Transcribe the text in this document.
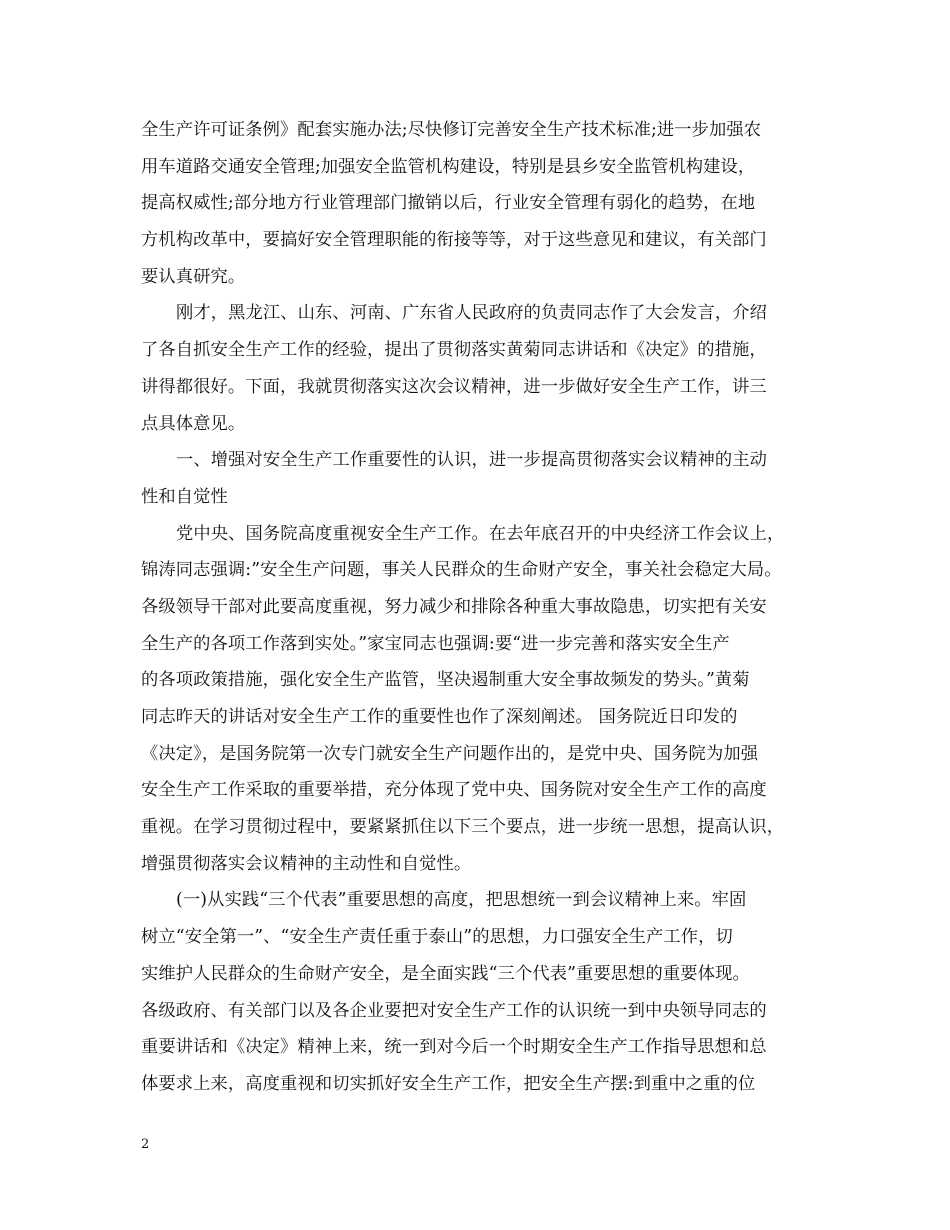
全生产许可证条例》配套实施办法;尽快修订完善安全生产技术标准;进一步加强农
用车道路交通安全管理;加强安全监管机构建设，特别是县乡安全监管机构建设，
提高权威性;部分地方行业管理部门撤销以后，行业安全管理有弱化的趋势，在地
方机构改革中，要搞好安全管理职能的衔接等等，对于这些意见和建议，有关部门
要认真研究。
刚才，黑龙江、山东、河南、广东省人民政府的负责同志作了大会发言，介绍
了各自抓安全生产工作的经验，提出了贯彻落实黄菊同志讲话和《决定》的措施，
讲得都很好。下面，我就贯彻落实这次会议精神，进一步做好安全生产工作，讲三
点具体意见。
一、增强对安全生产工作重要性的认识，进一步提高贯彻落实会议精神的主动
性和自觉性
党中央、国务院高度重视安全生产工作。在去年底召开的中央经济工作会议上，
锦涛同志强调:”安全生产问题，事关人民群众的生命财产安全，事关社会稳定大局。
各级领导干部对此要高度重视，努力减少和排除各种重大事故隐患，切实把有关安
全生产的各项工作落到实处。”家宝同志也强调:要“进一步完善和落实安全生产
的各项政策措施，强化安全生产监管，坚决遏制重大安全事故频发的势头。”黄菊
同志昨天的讲话对安全生产工作的重要性也作了深刻阐述。 国务院近日印发的
《决定》，是国务院第一次专门就安全生产问题作出的，是党中央、国务院为加强
安全生产工作采取的重要举措，充分体现了党中央、国务院对安全生产工作的高度
重视。在学习贯彻过程中，要紧紧抓住以下三个要点，进一步统一思想，提高认识，
增强贯彻落实会议精神的主动性和自觉性。
(一)从实践“三个代表”重要思想的高度，把思想统一到会议精神上来。牢固
树立“安全第一”、“安全生产责任重于泰山”的思想，力口强安全生产工作，切
实维护人民群众的生命财产安全，是全面实践“三个代表”重要思想的重要体现。
各级政府、有关部门以及各企业要把对安全生产工作的认识统一到中央领导同志的
重要讲话和《决定》精神上来，统一到对今后一个时期安全生产工作指导思想和总
体要求上来，高度重视和切实抓好安全生产工作，把安全生产摆:到重中之重的位
2
